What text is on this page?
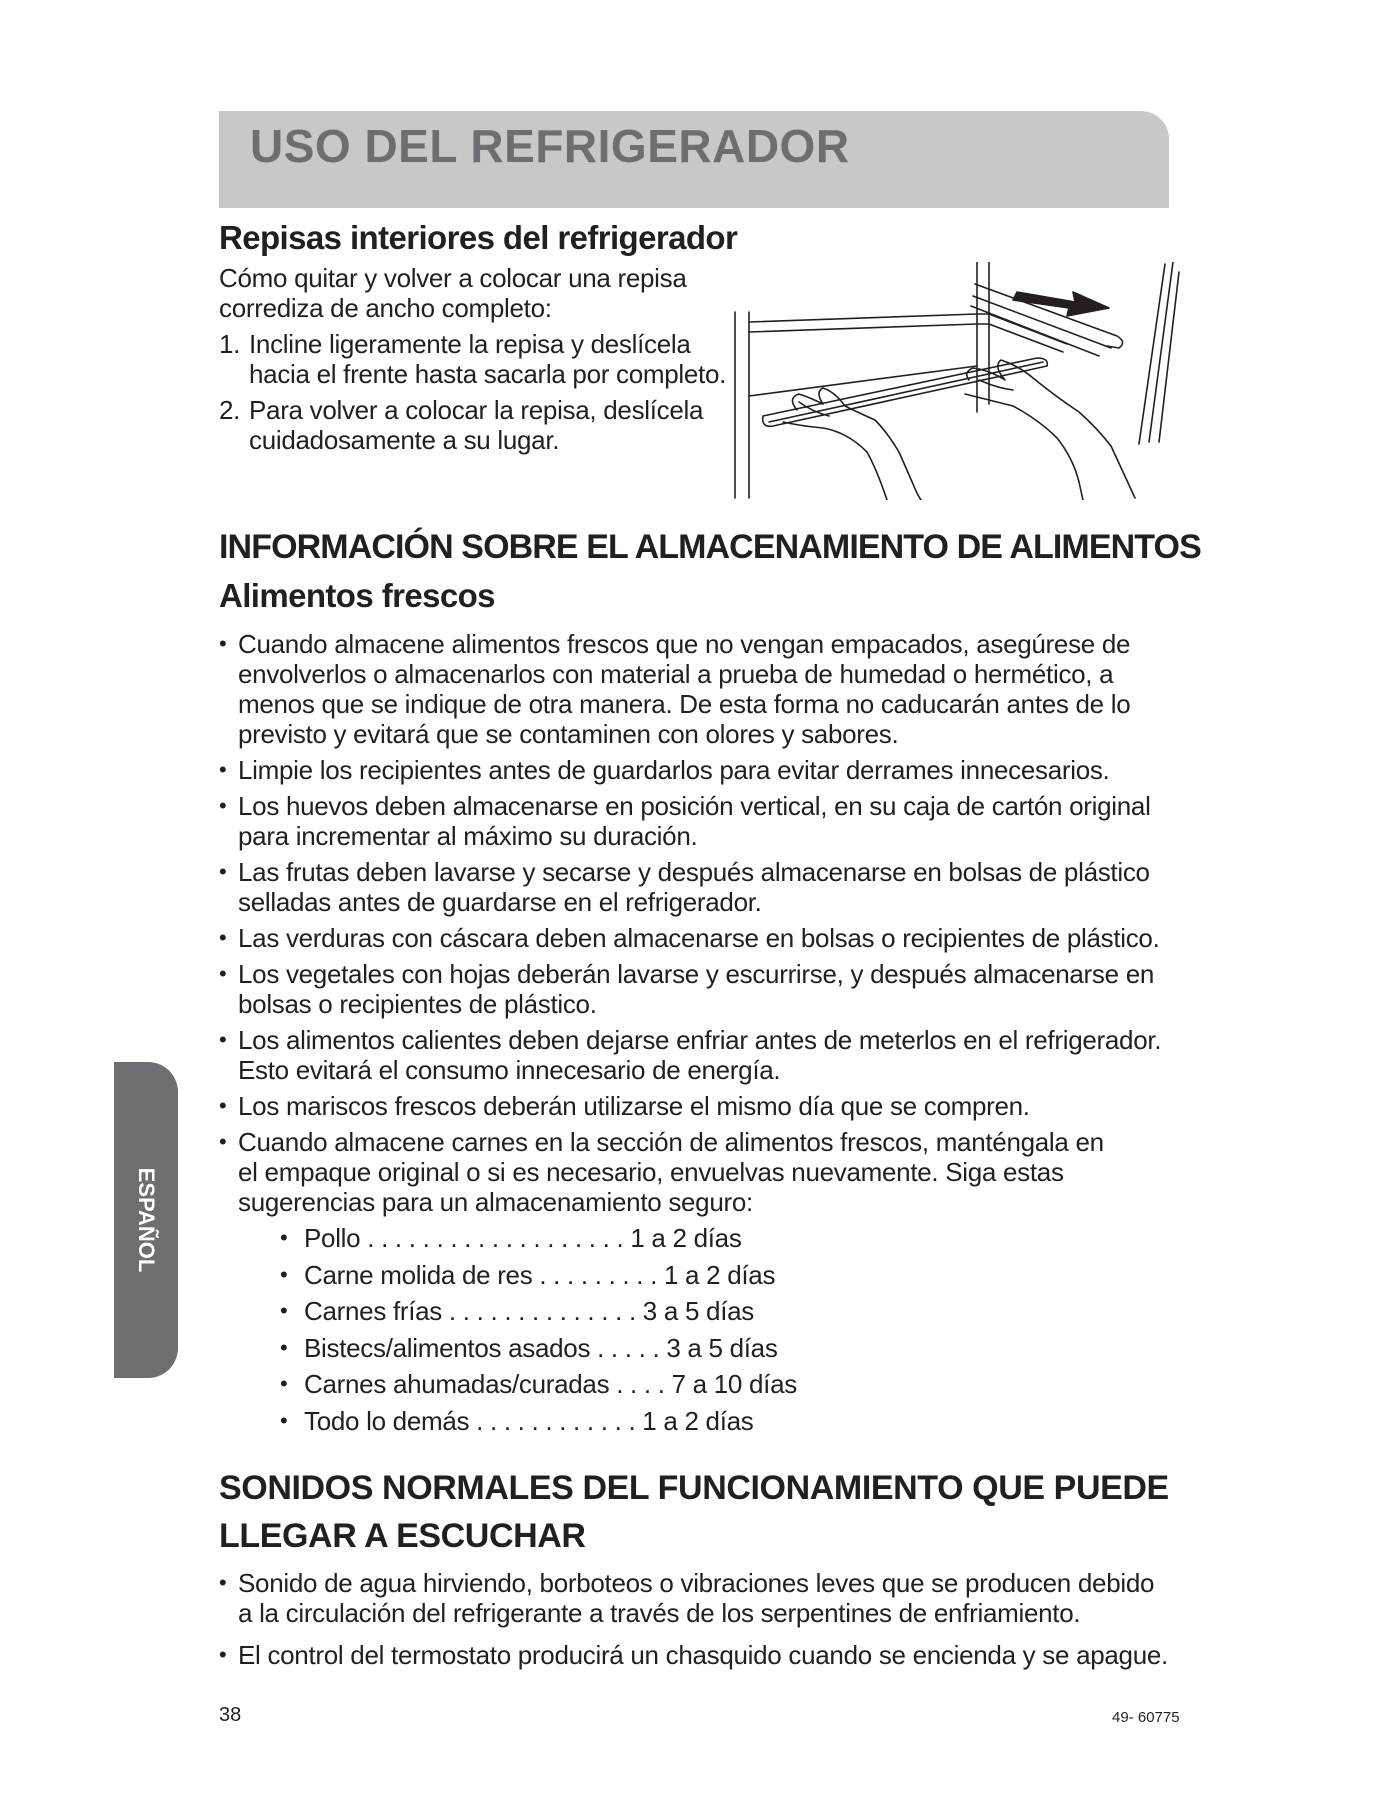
USO DEL REFRIGERADOR
Repisas interiores del refrigerador

Cómo quitar y volver a colocar una repisa

corrediza de ancho completo:

1. Incline ligeramente la repisa y deslícela
hacia el frente hasta sacarla por completo.
2. Para volver a colocar la repisa, deslícela
cuidadosamente a su lugar.
INFORMACIÓN SOBRE EL ALMACENAMIENTO DE ALIMENTOS
Alimentos frescos
• Cuando almacene alimentos frescos que no vengan empacados, asegúrese de
envolverlos o almacenarlos con material a prueba de humedad o hermético, a
menos que se indique de otra manera. De esta forma no caducarán antes de lo
previsto y evitará que se contaminen con olores y sabores.
• Limpie los recipientes antes de guardarlos para evitar derrames innecesarios.
• Los huevos deben almacenarse en posición vertical, en su caja de cartón original
para incrementar al máximo su duración.
• Las frutas deben lavarse y secarse y después almacenarse en bolsas de plástico
selladas antes de guardarse en el refrigerador.
• Las verduras con cáscara deben almacenarse en bolsas o recipientes de plástico.
• Los vegetales con hojas deberán lavarse y escurrirse, y después almacenarse en
bolsas o recipientes de plástico.
• Los alimentos calientes deben dejarse enfriar antes de meterlos en el refrigerador.
Esto evitará el consumo innecesario de energía.
• Los mariscos frescos deberán utilizarse el mismo día que se compren.
• Cuando almacene carnes en la sección de alimentos frescos, manténgala en
el empaque original o si es necesario, envuelvas nuevamente. Siga estas
sugerencias para un almacenamiento seguro:
• Pollo . . . . . . . . . . . . . . . . . . . 1 a 2 días
• Carne molida de res . . . . . . . . . 1 a 2 días
• Carnes frías . . . . . . . . . . . . . . 3 a 5 días
• Bistecs/alimentos asados . . . . . 3 a 5 días
• Carnes ahumadas/curadas . . . . 7 a 10 días
• Todo lo demás . . . . . . . . . . . . 1 a 2 días
SONIDOS NORMALES DEL FUNCIONAMIENTO QUE PUEDE
LLEGAR A ESCUCHAR
• Sonido de agua hirviendo, borboteos o vibraciones leves que se producen debido
a la circulación del refrigerante a través de los serpentines de enfriamiento.
• El control del termostato producirá un chasquido cuando se encienda y se apague.
ESPAÑOL
38	49- 60775
